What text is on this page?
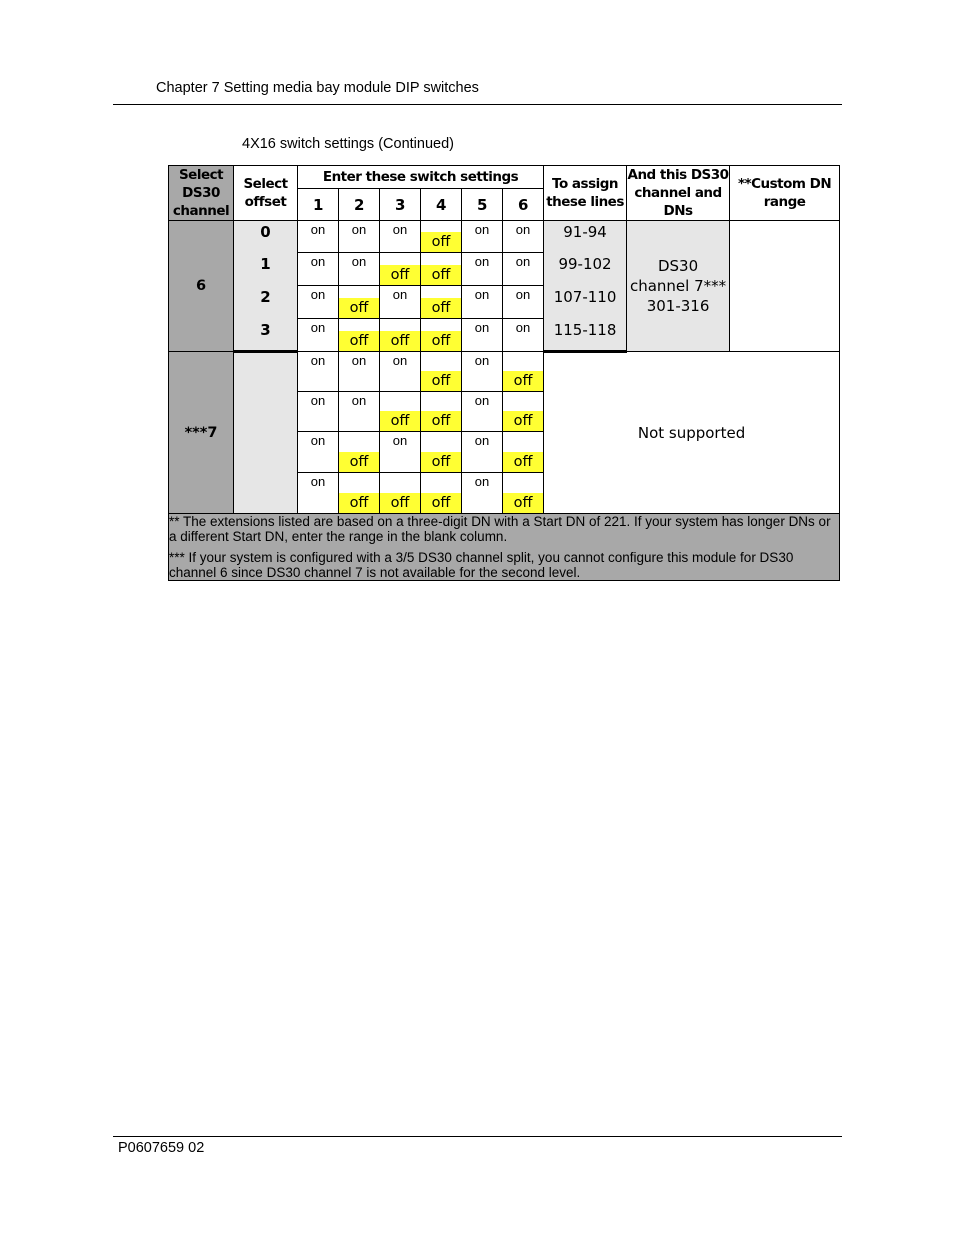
Chapter 7 Setting media bay module DIP switches
4X16 switch settings (Continued)
Select DS30 channel	Select offset	Enter these switch settings						To assign these lines	And this DS30 channel and DNs	**Custom DN range
		1	2	3	4	5	6			
6	0	on	on	on	off	on	on	91-94	DS30
channel 7***
301-316	

	1	on	on	off	off	on	on	99-102		
	2	on	off	on	off	on	on	107-110		
	3	on	off	off	off	on	on	115-118		
***7		on	on	on	off	on	off	Not supported		

		on	on	off	off	on	off			

		on	off	on	off	on	off			

		on	off	off	off	on	off			

** The extensions listed are based on a three-digit DN with a Start DN of 221. If your system has longer DNs or a different Start DN, enter the range in the blank column.

*** If your system is configured with a 3/5 DS30 channel split, you cannot configure this module for DS30 channel 6 since DS30 channel 7 is not available for the second level.										

P0607659 02
